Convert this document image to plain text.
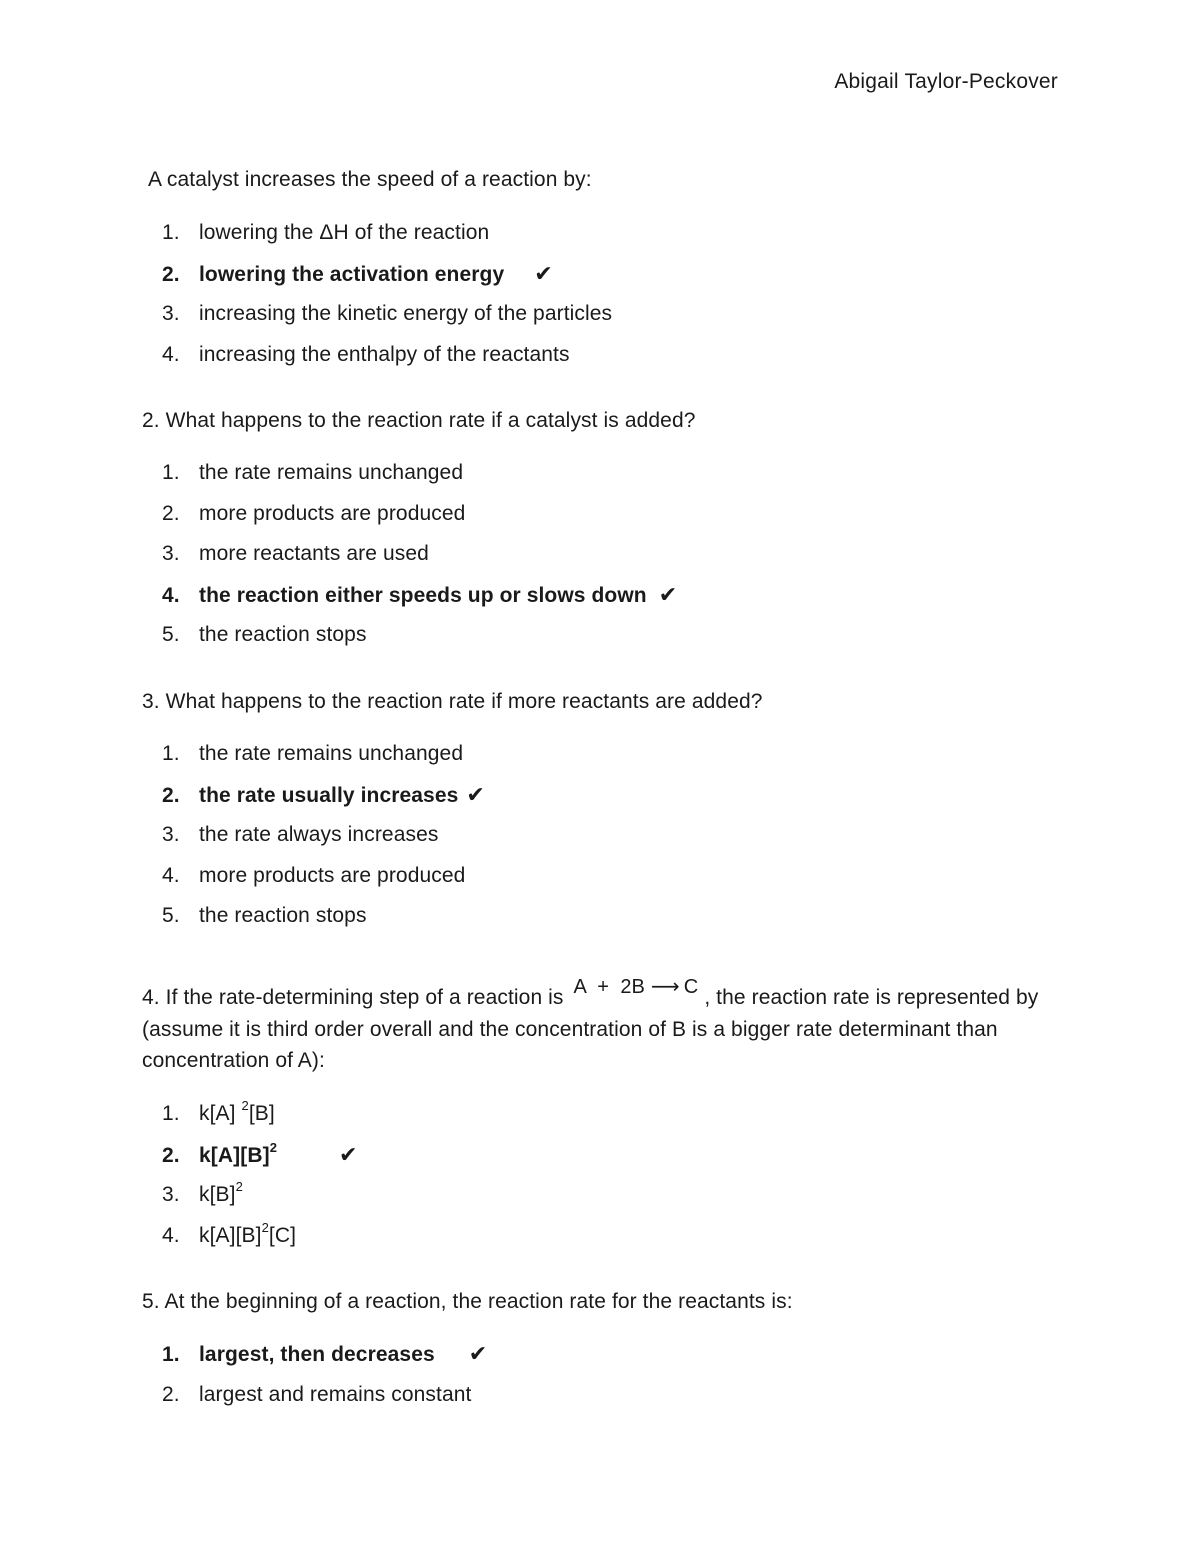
Abigail Taylor-Peckover
A catalyst increases the speed of a reaction by:
1. lowering the ΔH of the reaction
2. lowering the activation energy ✔
3. increasing the kinetic energy of the particles
4. increasing the enthalpy of the reactants
2. What happens to the reaction rate if a catalyst is added?
1. the rate remains unchanged
2. more products are produced
3. more reactants are used
4. the reaction either speeds up or slows down ✔
5. the reaction stops
3. What happens to the reaction rate if more reactants are added?
1. the rate remains unchanged
2. the rate usually increases ✔
3. the rate always increases
4. more products are produced
5. the reaction stops
4. If the rate-determining step of a reaction is A + 2B ⟶ C , the reaction rate is represented by (assume it is third order overall and the concentration of B is a bigger rate determinant than concentration of A):
1. k[A] $^2$[B]
2. $k[A][B]^2$	✔
3. $k[B]^2$
4. $k[A][B]^2[C]$
5. At the beginning of a reaction, the reaction rate for the reactants is:
1. largest, then decreases ✔
2. largest and remains constant
